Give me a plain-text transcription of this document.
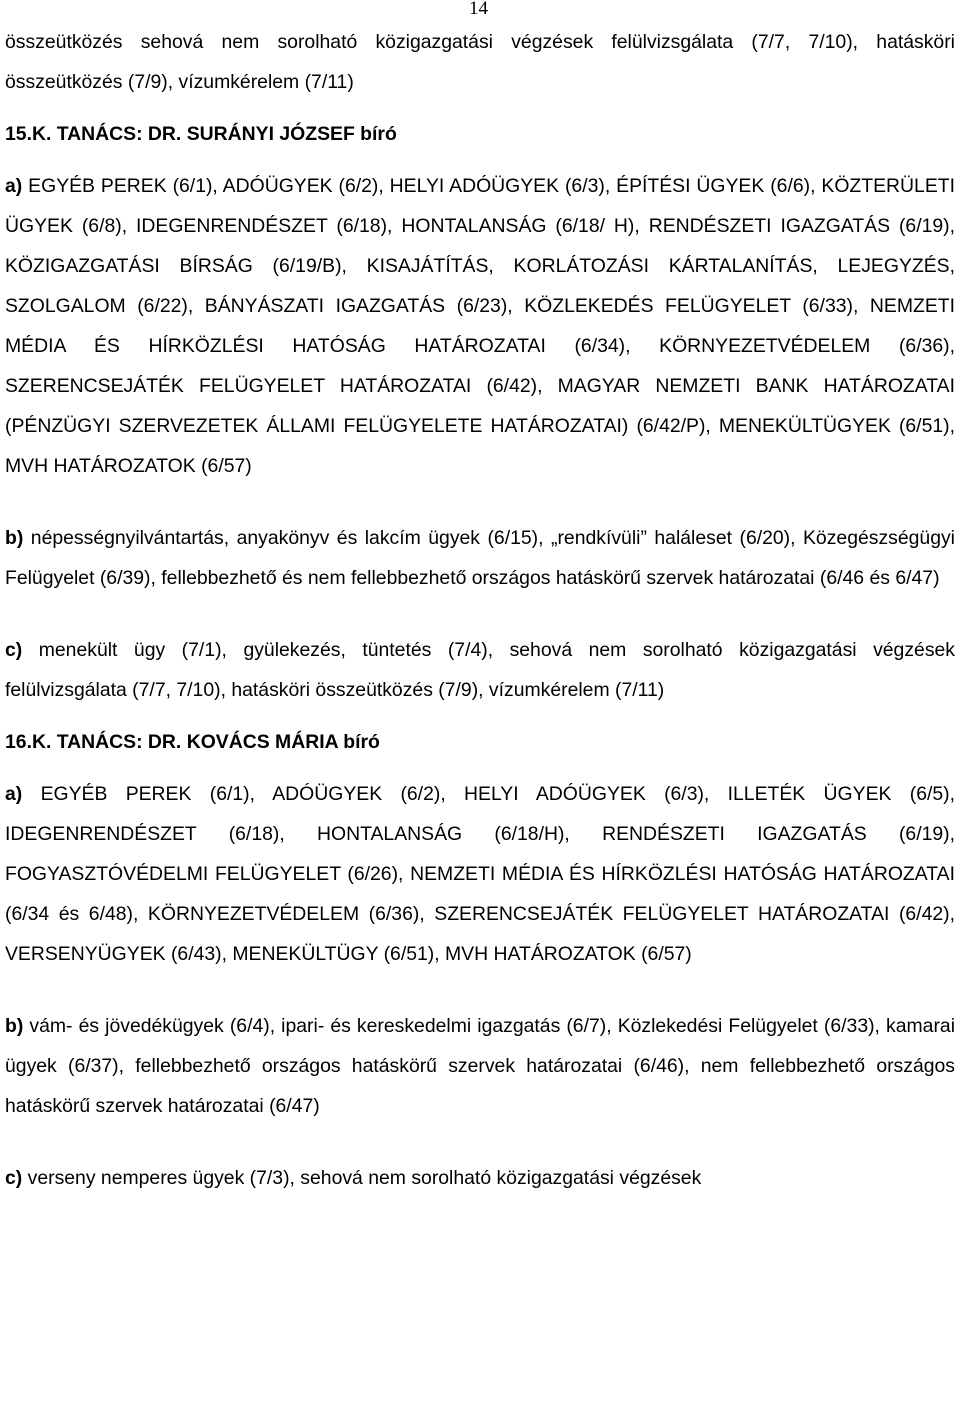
14

összeütközés sehová nem sorolható közigazgatási végzések felülvizsgálata (7/7, 7/10), hatásköri összeütközés (7/9), vízumkérelem (7/11)

15.K. TANÁCS: DR. SURÁNYI JÓZSEF bíró

a) EGYÉB PEREK (6/1), ADÓÜGYEK (6/2), HELYI ADÓÜGYEK (6/3), ÉPÍTÉSI ÜGYEK (6/6), KÖZTERÜLETI ÜGYEK (6/8), IDEGENRENDÉSZET (6/18), HONTALANSÁG (6/18/ H), RENDÉSZETI IGAZGATÁS (6/19), KÖZIGAZGATÁSI BÍRSÁG (6/19/B), KISAJÁTÍTÁS, KORLÁTOZÁSI KÁRTALANÍTÁS, LEJEGYZÉS, SZOLGALOM (6/22), BÁNYÁSZATI IGAZGATÁS (6/23), KÖZLEKEDÉS FELÜGYELET (6/33), NEMZETI MÉDIA ÉS HÍRKÖZLÉSI HATÓSÁG HATÁROZATAI (6/34), KÖRNYEZETVÉDELEM (6/36), SZERENCSEJÁTÉK FELÜGYELET HATÁROZATAI (6/42), MAGYAR NEMZETI BANK HATÁROZATAI (PÉNZÜGYI SZERVEZETEK ÁLLAMI FELÜGYELETE HATÁROZATAI) (6/42/P), MENEKÜLTÜGYEK (6/51), MVH HATÁROZATOK (6/57)

b) népességnyilvántartás, anyakönyv és lakcím ügyek (6/15), „rendkívüli” haláleset (6/20), Közegészségügyi Felügyelet (6/39), fellebbezhető és nem fellebbezhető országos hatáskörű szervek határozatai (6/46 és 6/47)

c) menekült ügy (7/1), gyülekezés, tüntetés (7/4), sehová nem sorolható közigazgatási végzések felülvizsgálata (7/7, 7/10), hatásköri összeütközés (7/9), vízumkérelem (7/11)

16.K. TANÁCS: DR. KOVÁCS MÁRIA bíró

a) EGYÉB PEREK (6/1), ADÓÜGYEK (6/2), HELYI ADÓÜGYEK (6/3), ILLETÉK ÜGYEK (6/5), IDEGENRENDÉSZET (6/18), HONTALANSÁG (6/18/H), RENDÉSZETI IGAZGATÁS (6/19), FOGYASZTÓVÉDELMI FELÜGYELET (6/26), NEMZETI MÉDIA ÉS HÍRKÖZLÉSI HATÓSÁG HATÁROZATAI (6/34 és 6/48), KÖRNYEZETVÉDELEM (6/36), SZERENCSEJÁTÉK FELÜGYELET HATÁROZATAI (6/42), VERSENYÜGYEK (6/43), MENEKÜLTÜGY (6/51), MVH HATÁROZATOK (6/57)

b) vám- és jövedékügyek (6/4), ipari- és kereskedelmi igazgatás (6/7), Közlekedési Felügyelet (6/33), kamarai ügyek (6/37), fellebbezhető országos hatáskörű szervek határozatai (6/46), nem fellebbezhető országos hatáskörű szervek határozatai (6/47)

c) verseny nemperes ügyek (7/3), sehová nem sorolható közigazgatási végzések
